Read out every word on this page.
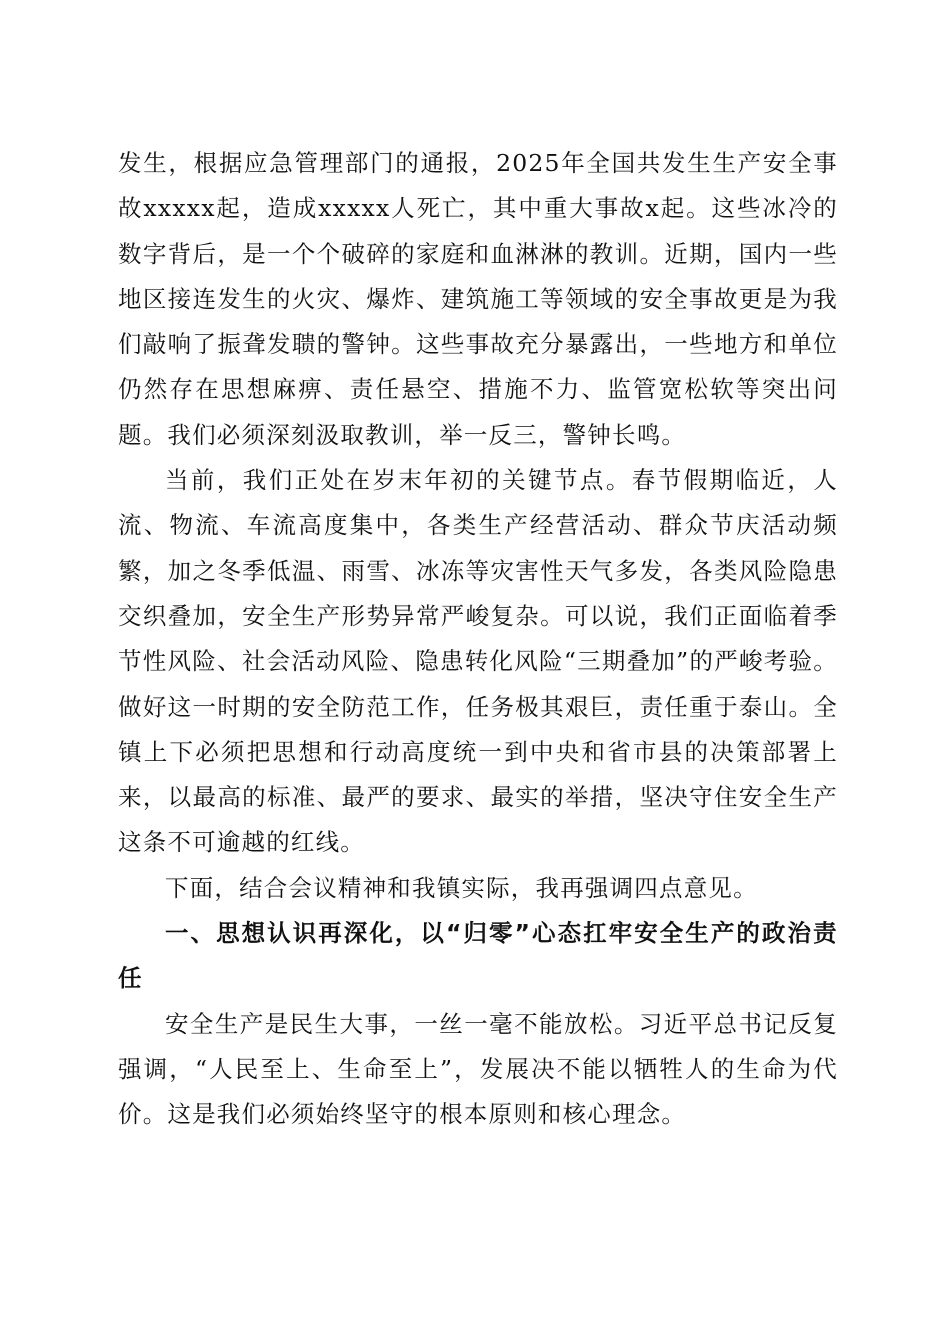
发生，根据应急管理部门的通报，2025年全国共发生生产安全事故xxxxx起，造成xxxxx人死亡，其中重大事故x起。这些冰冷的数字背后，是一个个破碎的家庭和血淋淋的教训。近期，国内一些地区接连发生的火灾、爆炸、建筑施工等领域的安全事故更是为我们敲响了振聋发聩的警钟。这些事故充分暴露出，一些地方和单位仍然存在思想麻痹、责任悬空、措施不力、监管宽松软等突出问题。我们必须深刻汲取教训，举一反三，警钟长鸣。

当前，我们正处在岁末年初的关键节点。春节假期临近，人流、物流、车流高度集中，各类生产经营活动、群众节庆活动频繁，加之冬季低温、雨雪、冰冻等灾害性天气多发，各类风险隐患交织叠加，安全生产形势异常严峻复杂。可以说，我们正面临着季节性风险、社会活动风险、隐患转化风险“三期叠加”的严峻考验。做好这一时期的安全防范工作，任务极其艰巨，责任重于泰山。全镇上下必须把思想和行动高度统一到中央和省市县的决策部署上来，以最高的标准、最严的要求、最实的举措，坚决守住安全生产这条不可逾越的红线。

下面，结合会议精神和我镇实际，我再强调四点意见。

一、思想认识再深化，以“归零”心态扛牢安全生产的政治责任

安全生产是民生大事，一丝一毫不能放松。习近平总书记反复强调，“人民至上、生命至上”，发展决不能以牺牲人的生命为代价。这是我们必须始终坚守的根本原则和核心理念。
